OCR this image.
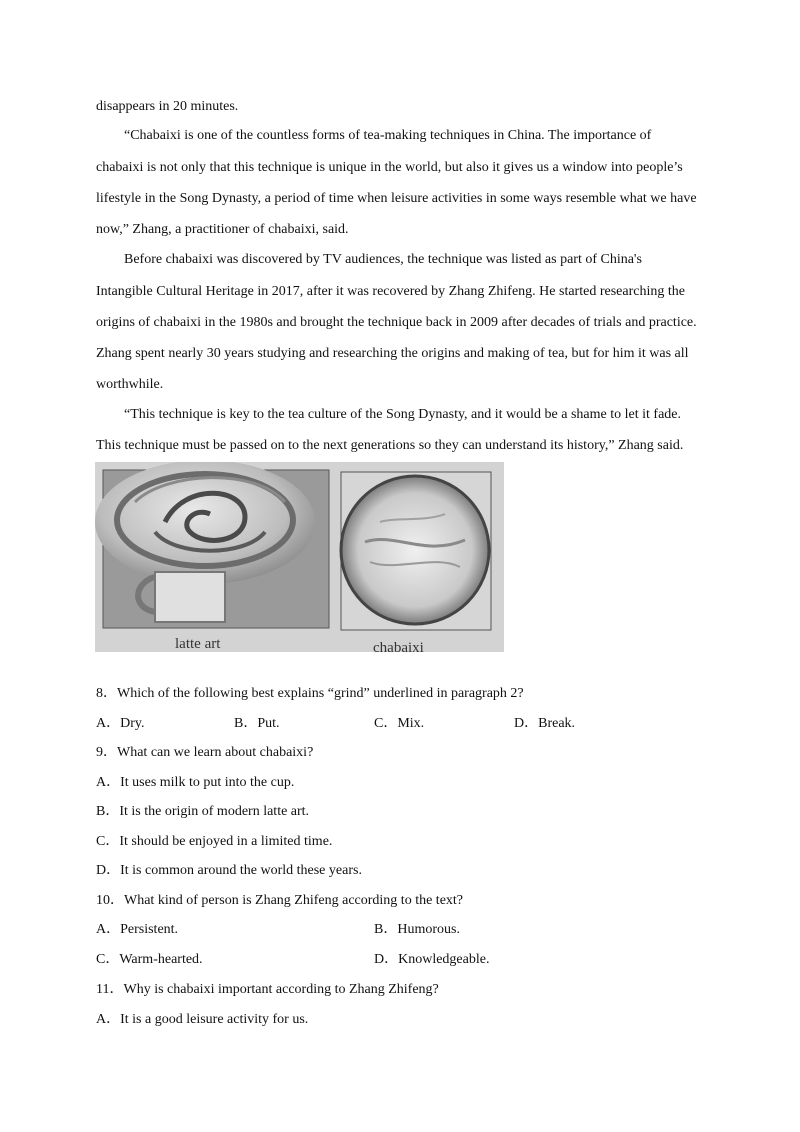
disappears in 20 minutes.
“Chabaixi is one of the countless forms of tea-making techniques in China. The importance of
chabaixi is not only that this technique is unique in the world, but also it gives us a window into people’s
lifestyle in the Song Dynasty, a period of time when leisure activities in some ways resemble what we have
now,” Zhang, a practitioner of chabaixi, said.
Before chabaixi was discovered by TV audiences, the technique was listed as part of China's
Intangible Cultural Heritage in 2017, after it was recovered by Zhang Zhifeng. He started researching the
origins of chabaixi in the 1980s and brought the technique back in 2009 after decades of trials and practice.
Zhang spent nearly 30 years studying and researching the origins and making of tea, but for him it was all
worthwhile.
“This technique is key to the tea culture of the Song Dynasty, and it would be a shame to let it fade.
This technique must be passed on to the next generations so they can understand its history,” Zhang said.
latte art	chabaixi
8．Which of the following best explains “grind” underlined in paragraph 2?
A．Dry.	B．Put.	C．Mix.	D．Break.
9．What can we learn about chabaixi?
A．It uses milk to put into the cup.
B．It is the origin of modern latte art.
C．It should be enjoyed in a limited time.
D．It is common around the world these years.
10．What kind of person is Zhang Zhifeng according to the text?
A．Persistent.	B．Humorous.
C．Warm-hearted.	D．Knowledgeable.
11．Why is chabaixi important according to Zhang Zhifeng?
A．It is a good leisure activity for us.
